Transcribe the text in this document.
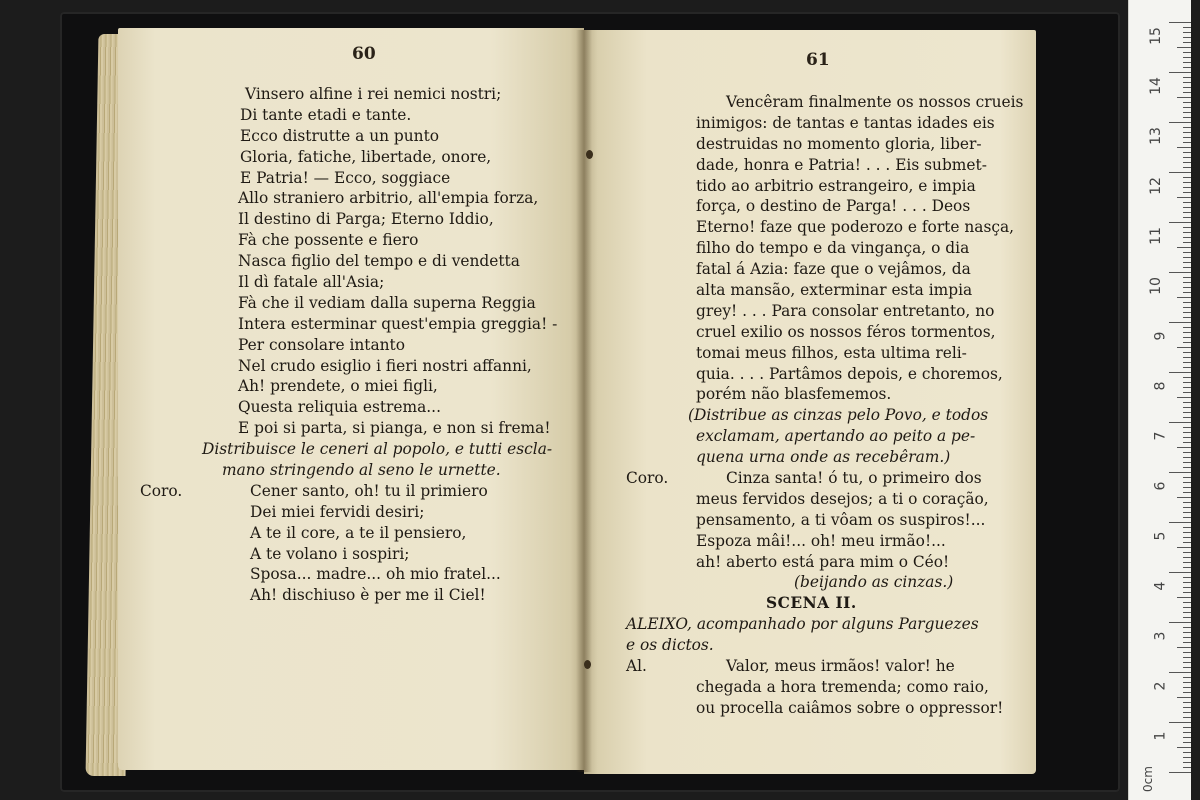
60	61
Vinsero alfine i rei nemici nostri;
Di tante etadi e tante.
Ecco distrutte a un punto
Gloria, fatiche, libertade, onore,
E Patria! — Ecco, soggiace
Allo straniero arbitrio, all'empia forza,
Il destino di Parga; Eterno Iddio,
Fà che possente e fiero
Nasca figlio del tempo e di vendetta
Il dì fatale all'Asia;
Fà che il vediam dalla superna Reggia
Intera esterminar quest'empia greggia! -
Per consolare intanto
Nel crudo esiglio i fieri nostri affanni,
Ah! prendete, o miei figli,
Questa reliquia estrema...
E poi si parta, si pianga, e non si frema!
Distribuisce le ceneri al popolo, e tutti escla-
mano stringendo al seno le urnette.
Coro.	Cener santo, oh! tu il primiero
Dei miei fervidi desiri;
A te il core, a te il pensiero,
A te volano i sospiri;
Sposa... madre... oh mio fratel...
Ah! dischiuso è per me il Ciel!
Vencêram finalmente os nossos crueis
inimigos: de tantas e tantas idades eis
destruidas no momento gloria, liber-
dade, honra e Patria! . . . Eis submet-
tido ao arbitrio estrangeiro, e impia
força, o destino de Parga! . . . Deos
Eterno! faze que poderozo e forte nasça,
filho do tempo e da vingança, o dia
fatal á Azia: faze que o vejâmos, da
alta mansão, exterminar esta impia
grey! . . . Para consolar entretanto, no
cruel exilio os nossos féros tormentos,
tomai meus filhos, esta ultima reli-
quia. . . . Partâmos depois, e choremos,
porém não blasfememos.
(Distribue as cinzas pelo Povo, e todos
exclamam, apertando ao peito a pe-
quena urna onde as recebêram.)
Coro.	Cinza santa! ó tu, o primeiro dos
meus fervidos desejos; a ti o coração,
pensamento, a ti vôam os suspiros!...
Espoza mâi!... oh! meu irmão!...
ah! aberto está para mim o Céo!
(beijando as cinzas.)
SCENA II.
ALEIXO, acompanhado por alguns Parguezes
e os dictos.
Al.	Valor, meus irmãos! valor! he
chegada a hora tremenda; como raio,
ou procella caiâmos sobre o oppressor!
0cm
15
14
13
12
11
10
9
8
7
6
5
4
3
2
1
